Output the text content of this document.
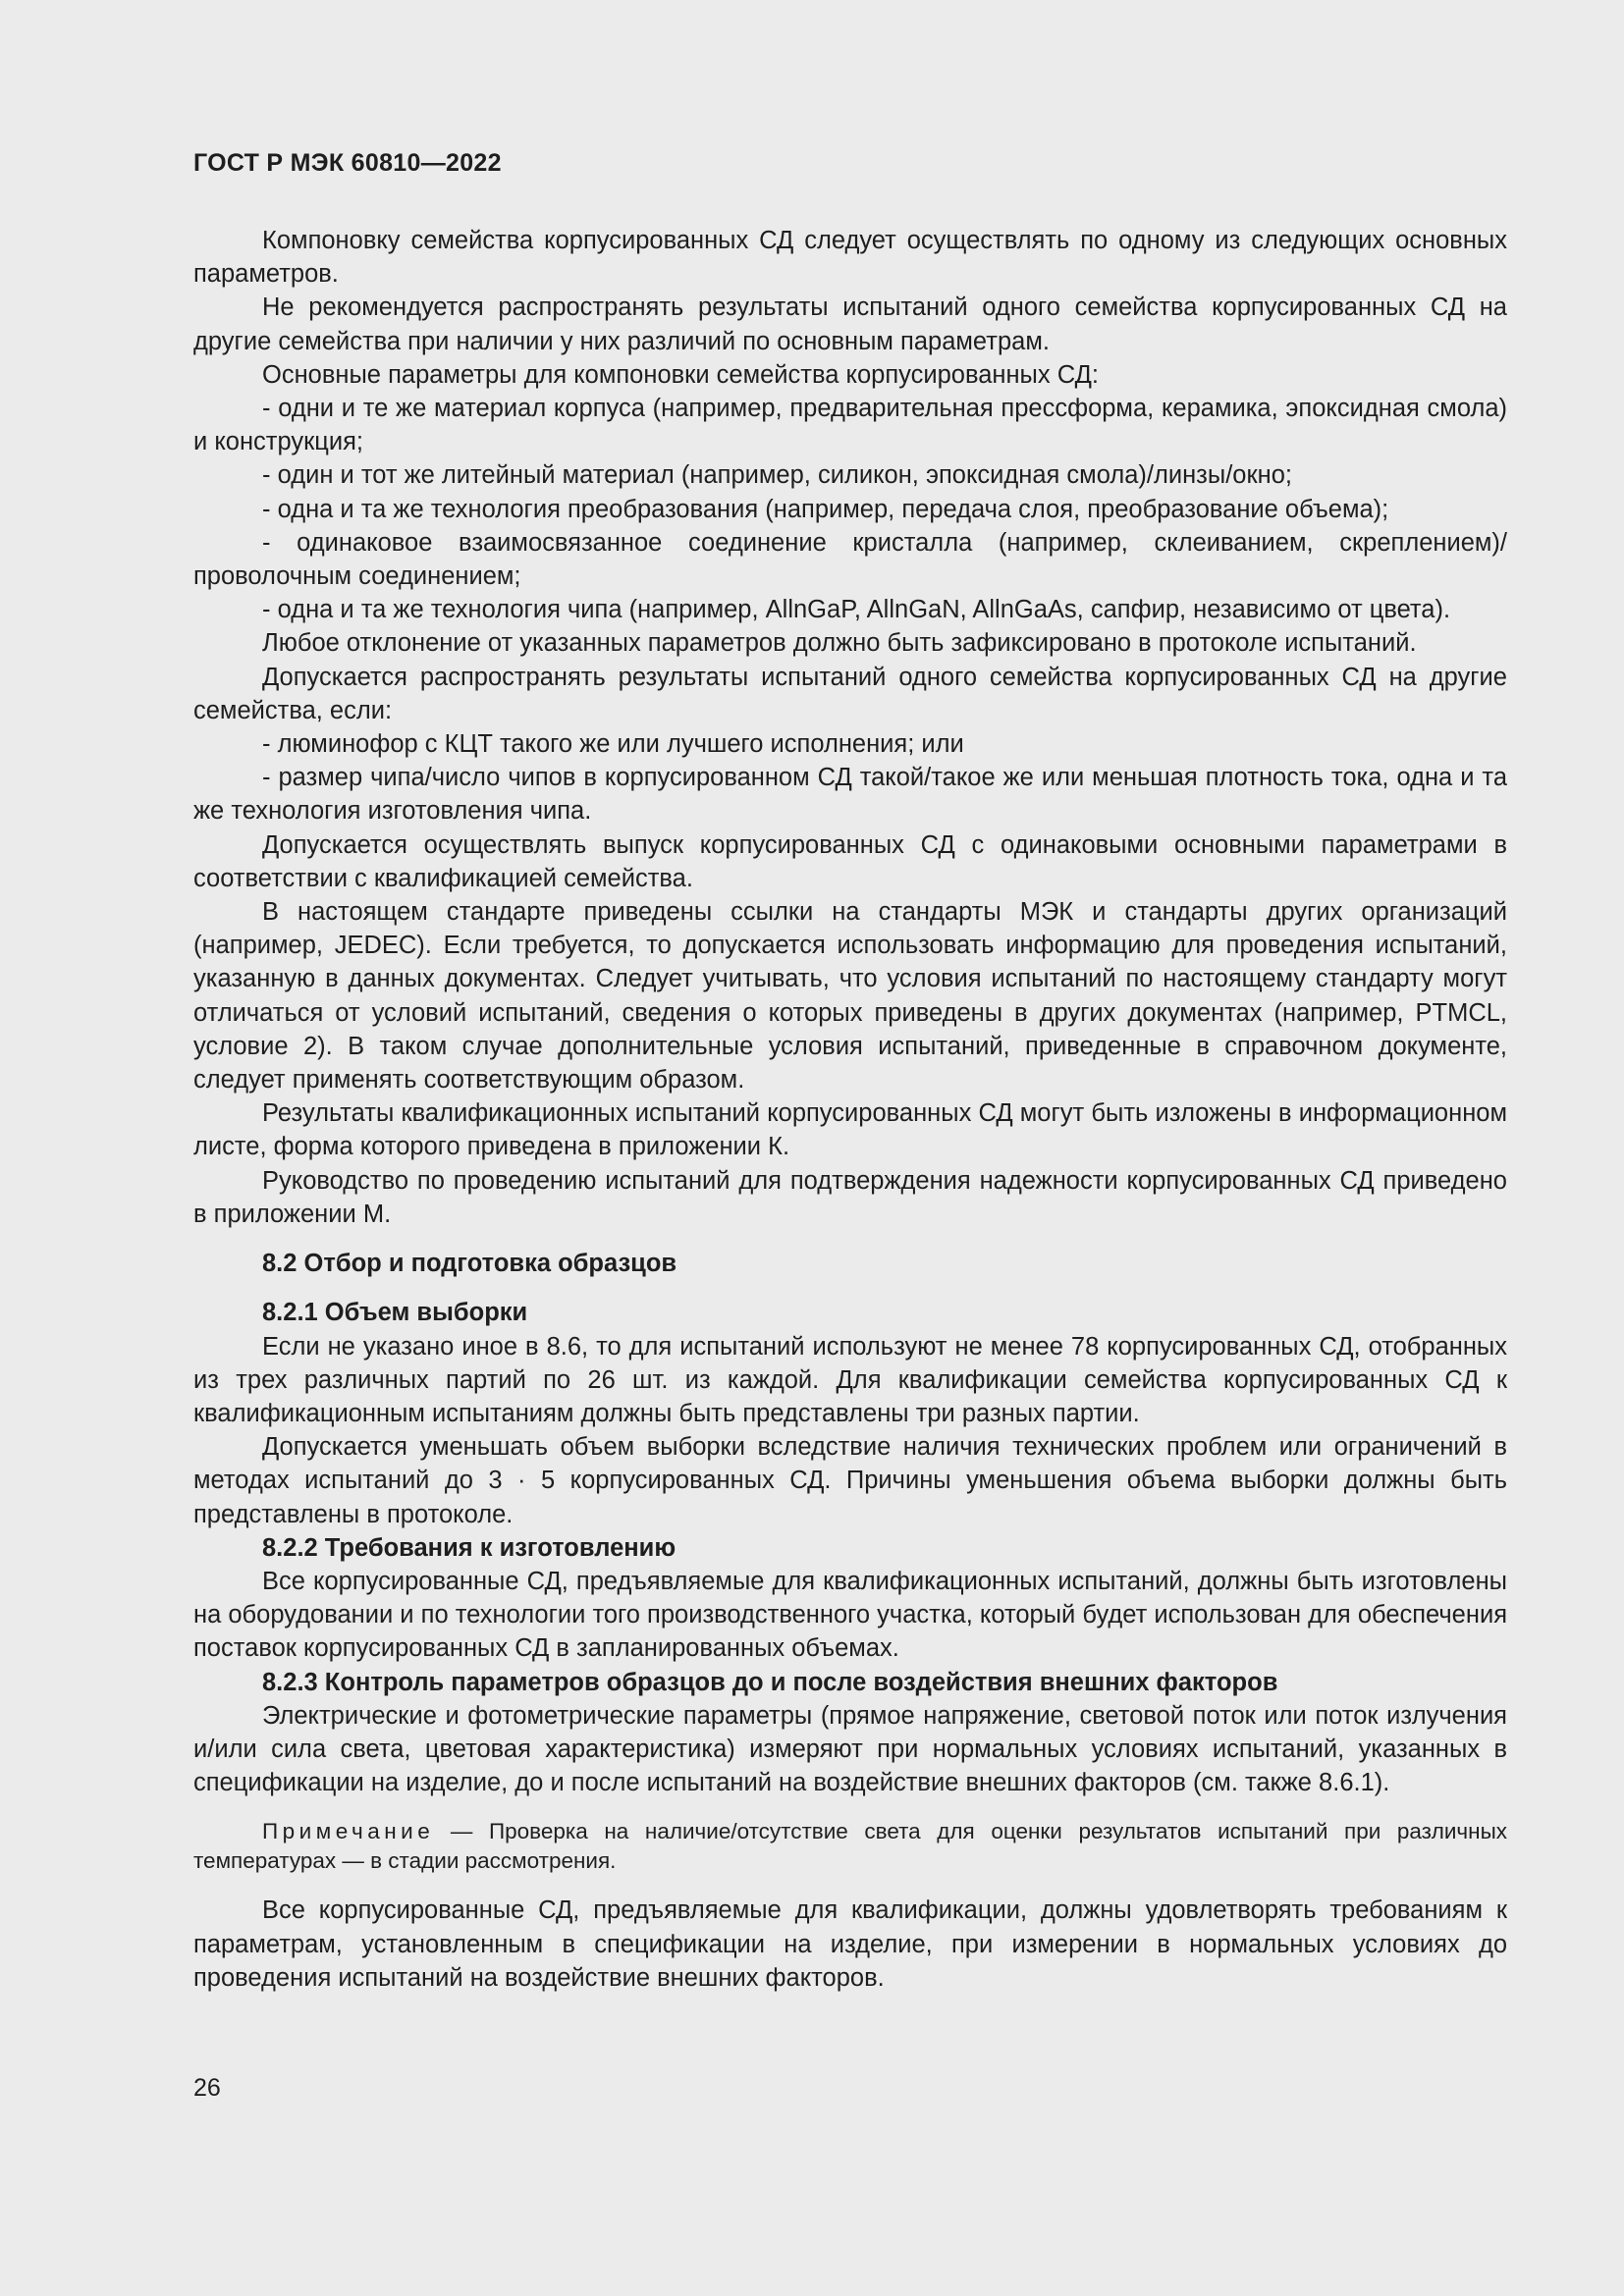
ГОСТ Р МЭК 60810—2022

Компоновку семейства корпусированных СД следует осуществлять по одному из следующих основных параметров.

Не рекомендуется распространять результаты испытаний одного семейства корпусированных СД на другие семейства при наличии у них различий по основным параметрам.

Основные параметры для компоновки семейства корпусированных СД:

- одни и те же материал корпуса (например, предварительная прессформа, керамика, эпоксидная смола) и конструкция;

- один и тот же литейный материал (например, силикон, эпоксидная смола)/линзы/окно;

- одна и та же технология преобразования (например, передача слоя, преобразование объема);

- одинаковое взаимосвязанное соединение кристалла (например, склеиванием, скреплением)/проволочным соединением;

- одна и та же технология чипа (например, AllnGaP, AllnGaN, AllnGaAs, сапфир, независимо от цвета).

Любое отклонение от указанных параметров должно быть зафиксировано в протоколе испытаний.

Допускается распространять результаты испытаний одного семейства корпусированных СД на другие семейства, если:

- люминофор с КЦТ такого же или лучшего исполнения; или

- размер чипа/число чипов в корпусированном СД такой/такое же или меньшая плотность тока, одна и та же технология изготовления чипа.

Допускается осуществлять выпуск корпусированных СД с одинаковыми основными параметрами в соответствии с квалификацией семейства.

В настоящем стандарте приведены ссылки на стандарты МЭК и стандарты других организаций (например, JEDEC). Если требуется, то допускается использовать информацию для проведения испытаний, указанную в данных документах. Следует учитывать, что условия испытаний по настоящему стандарту могут отличаться от условий испытаний, сведения о которых приведены в других документах (например, PTMCL, условие 2). В таком случае дополнительные условия испытаний, приведенные в справочном документе, следует применять соответствующим образом.

Результаты квалификационных испытаний корпусированных СД могут быть изложены в информационном листе, форма которого приведена в приложении К.

Руководство по проведению испытаний для подтверждения надежности корпусированных СД приведено в приложении М.

8.2 Отбор и подготовка образцов
8.2.1 Объем выборки

Если не указано иное в 8.6, то для испытаний используют не менее 78 корпусированных СД, отобранных из трех различных партий по 26 шт. из каждой. Для квалификации семейства корпусированных СД к квалификационным испытаниям должны быть представлены три разных партии.

Допускается уменьшать объем выборки вследствие наличия технических проблем или ограничений в методах испытаний до 3 · 5 корпусированных СД. Причины уменьшения объема выборки должны быть представлены в протоколе.

8.2.2 Требования к изготовлению

Все корпусированные СД, предъявляемые для квалификационных испытаний, должны быть изготовлены на оборудовании и по технологии того производственного участка, который будет использован для обеспечения поставок корпусированных СД в запланированных объемах.

8.2.3 Контроль параметров образцов до и после воздействия внешних факторов

Электрические и фотометрические параметры (прямое напряжение, световой поток или поток излучения и/или сила света, цветовая характеристика) измеряют при нормальных условиях испытаний, указанных в спецификации на изделие, до и после испытаний на воздействие внешних факторов (см. также 8.6.1).

Примечание — Проверка на наличие/отсутствие света для оценки результатов испытаний при различных температурах — в стадии рассмотрения.

Все корпусированные СД, предъявляемые для квалификации, должны удовлетворять требованиям к параметрам, установленным в спецификации на изделие, при измерении в нормальных условиях до проведения испытаний на воздействие внешних факторов.

26
